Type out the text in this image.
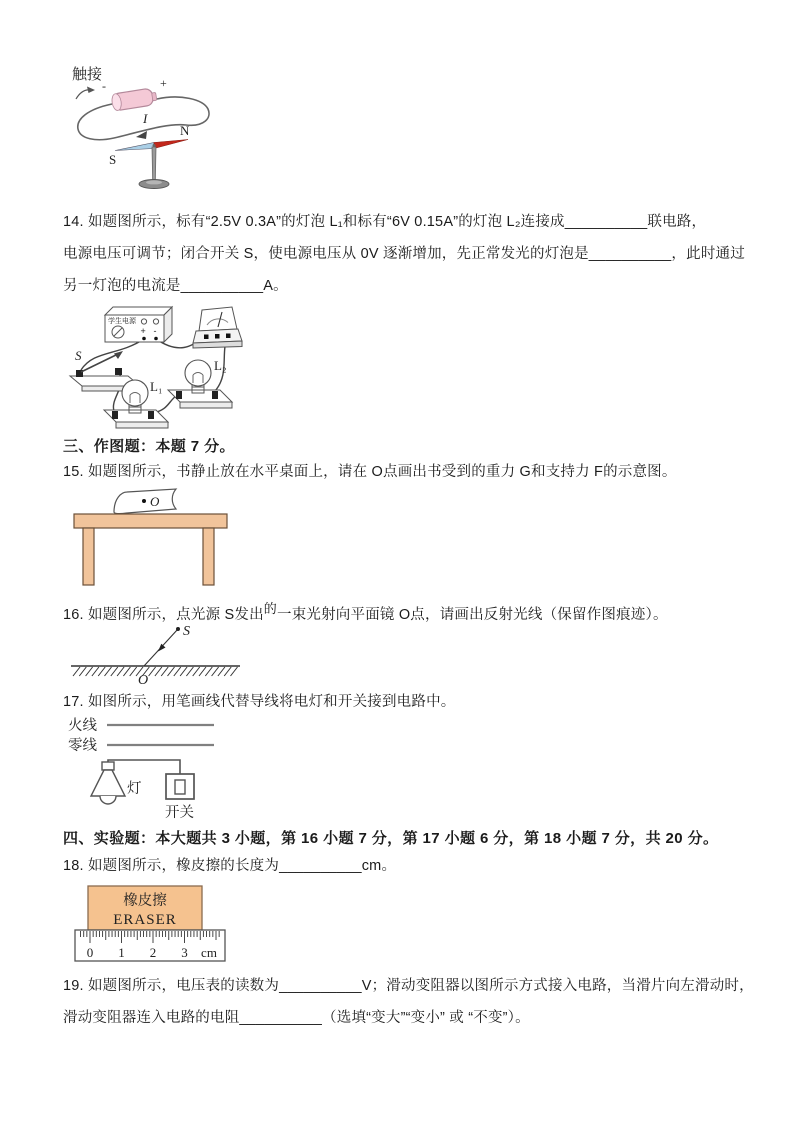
触接
-	+
I
S
N
14. 如题图所示，标有“2.5V 0.3A”的灯泡 L₁和标有“6V 0.15A”的灯泡 L₂连接成__________联电路，
电源电压可调节；闭合开关 S，使电源电压从 0V 逐渐增加，先正常发光的灯泡是__________，此时通过
另一灯泡的电流是__________A。
学生电源
+ -
S
L₁
L₂
三、作图题：本题 7 分。
15. 如题图所示，书静止放在水平桌面上，请在 O点画出书受到的重力 G和支持力 F的示意图。
O
16. 如题图所示，点光源 S发出的一束光射向平面镜 O点，请画出反射光线（保留作图痕迹）。
S
O
17. 如图所示，用笔画线代替导线将电灯和开关接到电路中。
火线
零线
灯
开关
四、实验题：本大题共 3 小题，第 16 小题 7 分，第 17 小题 6 分，第 18 小题 7 分，共 20 分。
18. 如题图所示，橡皮擦的长度为__________cm。
橡皮擦
ERASER
0 1 2 3 cm
19. 如题图所示，电压表的读数为__________V；滑动变阻器以图所示方式接入电路，当滑片向左滑动时，
滑动变阻器连入电路的电阻__________（选填“变大”“变小” 或 “不变”）。
